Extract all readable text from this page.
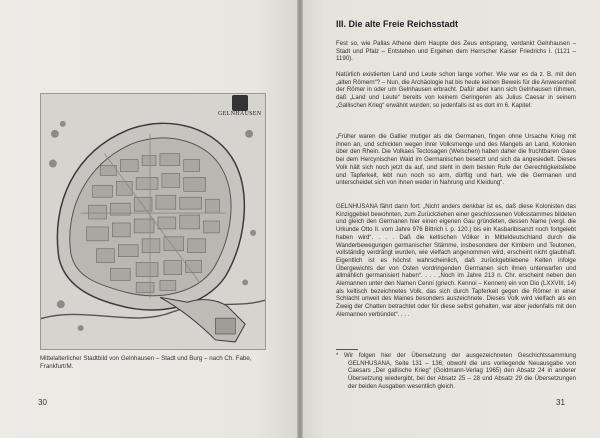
GELNHAUSEN
Mittelalterlicher Stadtbild von Gelnhausen – Stadt und Burg – nach Ch. Fabe, Frankfurt/M.
30
III. Die alte Freie Reichsstadt

Fest so, wie Pallas Athene dem Haupte des Zeus entsprang, verdankt Gelnhausen – Stadt und Pfalz – Entstehen und Ergehen dem Herrscher Kaiser Friedrichs I. (1121 – 1190).

Natürlich existierten Land und Leute schon lange vorher. Wie war es da z. B. mit den „alten Römern“? – Nun, die Archäologie hat bis heute keinen Beweis für die Anwesenheit der Römer in oder um Gelnhausen erbracht. Dafür aber kann sich Gelnhausen rühmen, daß „Land und Leute“ bereits von keinem Geringeren als Julius Caesar in seinem „Gallischen Krieg“ erwähnt wurden; so jedenfalls ist es dort im 6. Kapitel:

„Früher waren die Gallier mutiger als die Germanen, fingen ohne Ursache Krieg mit ihnen an, und schickten wegen ihrer Volksmenge und des Mangels an Land, Kolonien über den Rhein. Die Volkaes Tectosagen (Welschen) haben daher die fruchtbaren Gaue bei dem Hercynischen Wald im Germanischen besetzt und sich da angesiedelt. Dieses Volk hält sich noch jetzt da auf, und steht in dem besten Rufe der Gerechtigkeitsliebe und Tapferkeit, lebt nun noch so arm, dürftig und hart, wie die Germanen und unterscheidet sich von ihnen weder in Nahrung und Kleidung“.

GELNHUSANA fährt dann fort: „Nicht anders denkbar ist es, daß diese Kolonisten das Kinziggebiet bewohnten, zum Zurückziehen einer geschlossenen Volksstammes bildeten und gleich den Germanen hier einen eigenen Gau gründeten, dessen Name (vergl. die Urkunde Otto II. vom Jahre 976 Bittrich i. p. 120.) bis ein Kasbaribisanzt noch fortgelebt haben wird“. . . . Daß die keltischen Völker in Mitteldeutschland durch die Wanderbewegungen germanischer Stämme, insbesondere der Kimbern und Teutonen, vollständig verdrängt wurden, wie vielfach angenommen wird, erscheint nicht glaubhaft. Eigentlich ist es höchst wahrscheinlich, daß zurückgebliebene Kelten infolge Übergewichts der von Osten vordringenden Germanen sich ihnen unterwarfen und allmählich germanisiert haben“. . . . „Noch im Jahre 213 n. Chr. erscheint neben den Alemannen unter den Namen Cenni (griech. Kennoi – Kennen) ein von Dio (LXXVIII, 14) als keltisch bezeichnetes Volk, das sich durch Tapferkeit gegen die Römer in einer Schlacht unweit des Maines besonders auszeichnete. Dieses Volk wird vielfach als ein Zweig der Chatten betrachtet oder für diese selbst gehalten, war aber jedenfalls mit den Alemannen verbündet“. . . .

* Wir folgen hier der Übersetzung der ausgezeichneten Geschichtssammlung GELNHUSANA, Seite 131 – 136; obwohl die uns vorliegende Neuausgabe von Caesars „Der gallische Krieg“ (Goldmann-Verlag 1965) den Absatz 24 in anderer Übersetzung wiedergibt, bei der Absatz 25 – 28 und Absatz 29 die Übersetzungen der beiden Ausgaben wesentlich gleich.

31
